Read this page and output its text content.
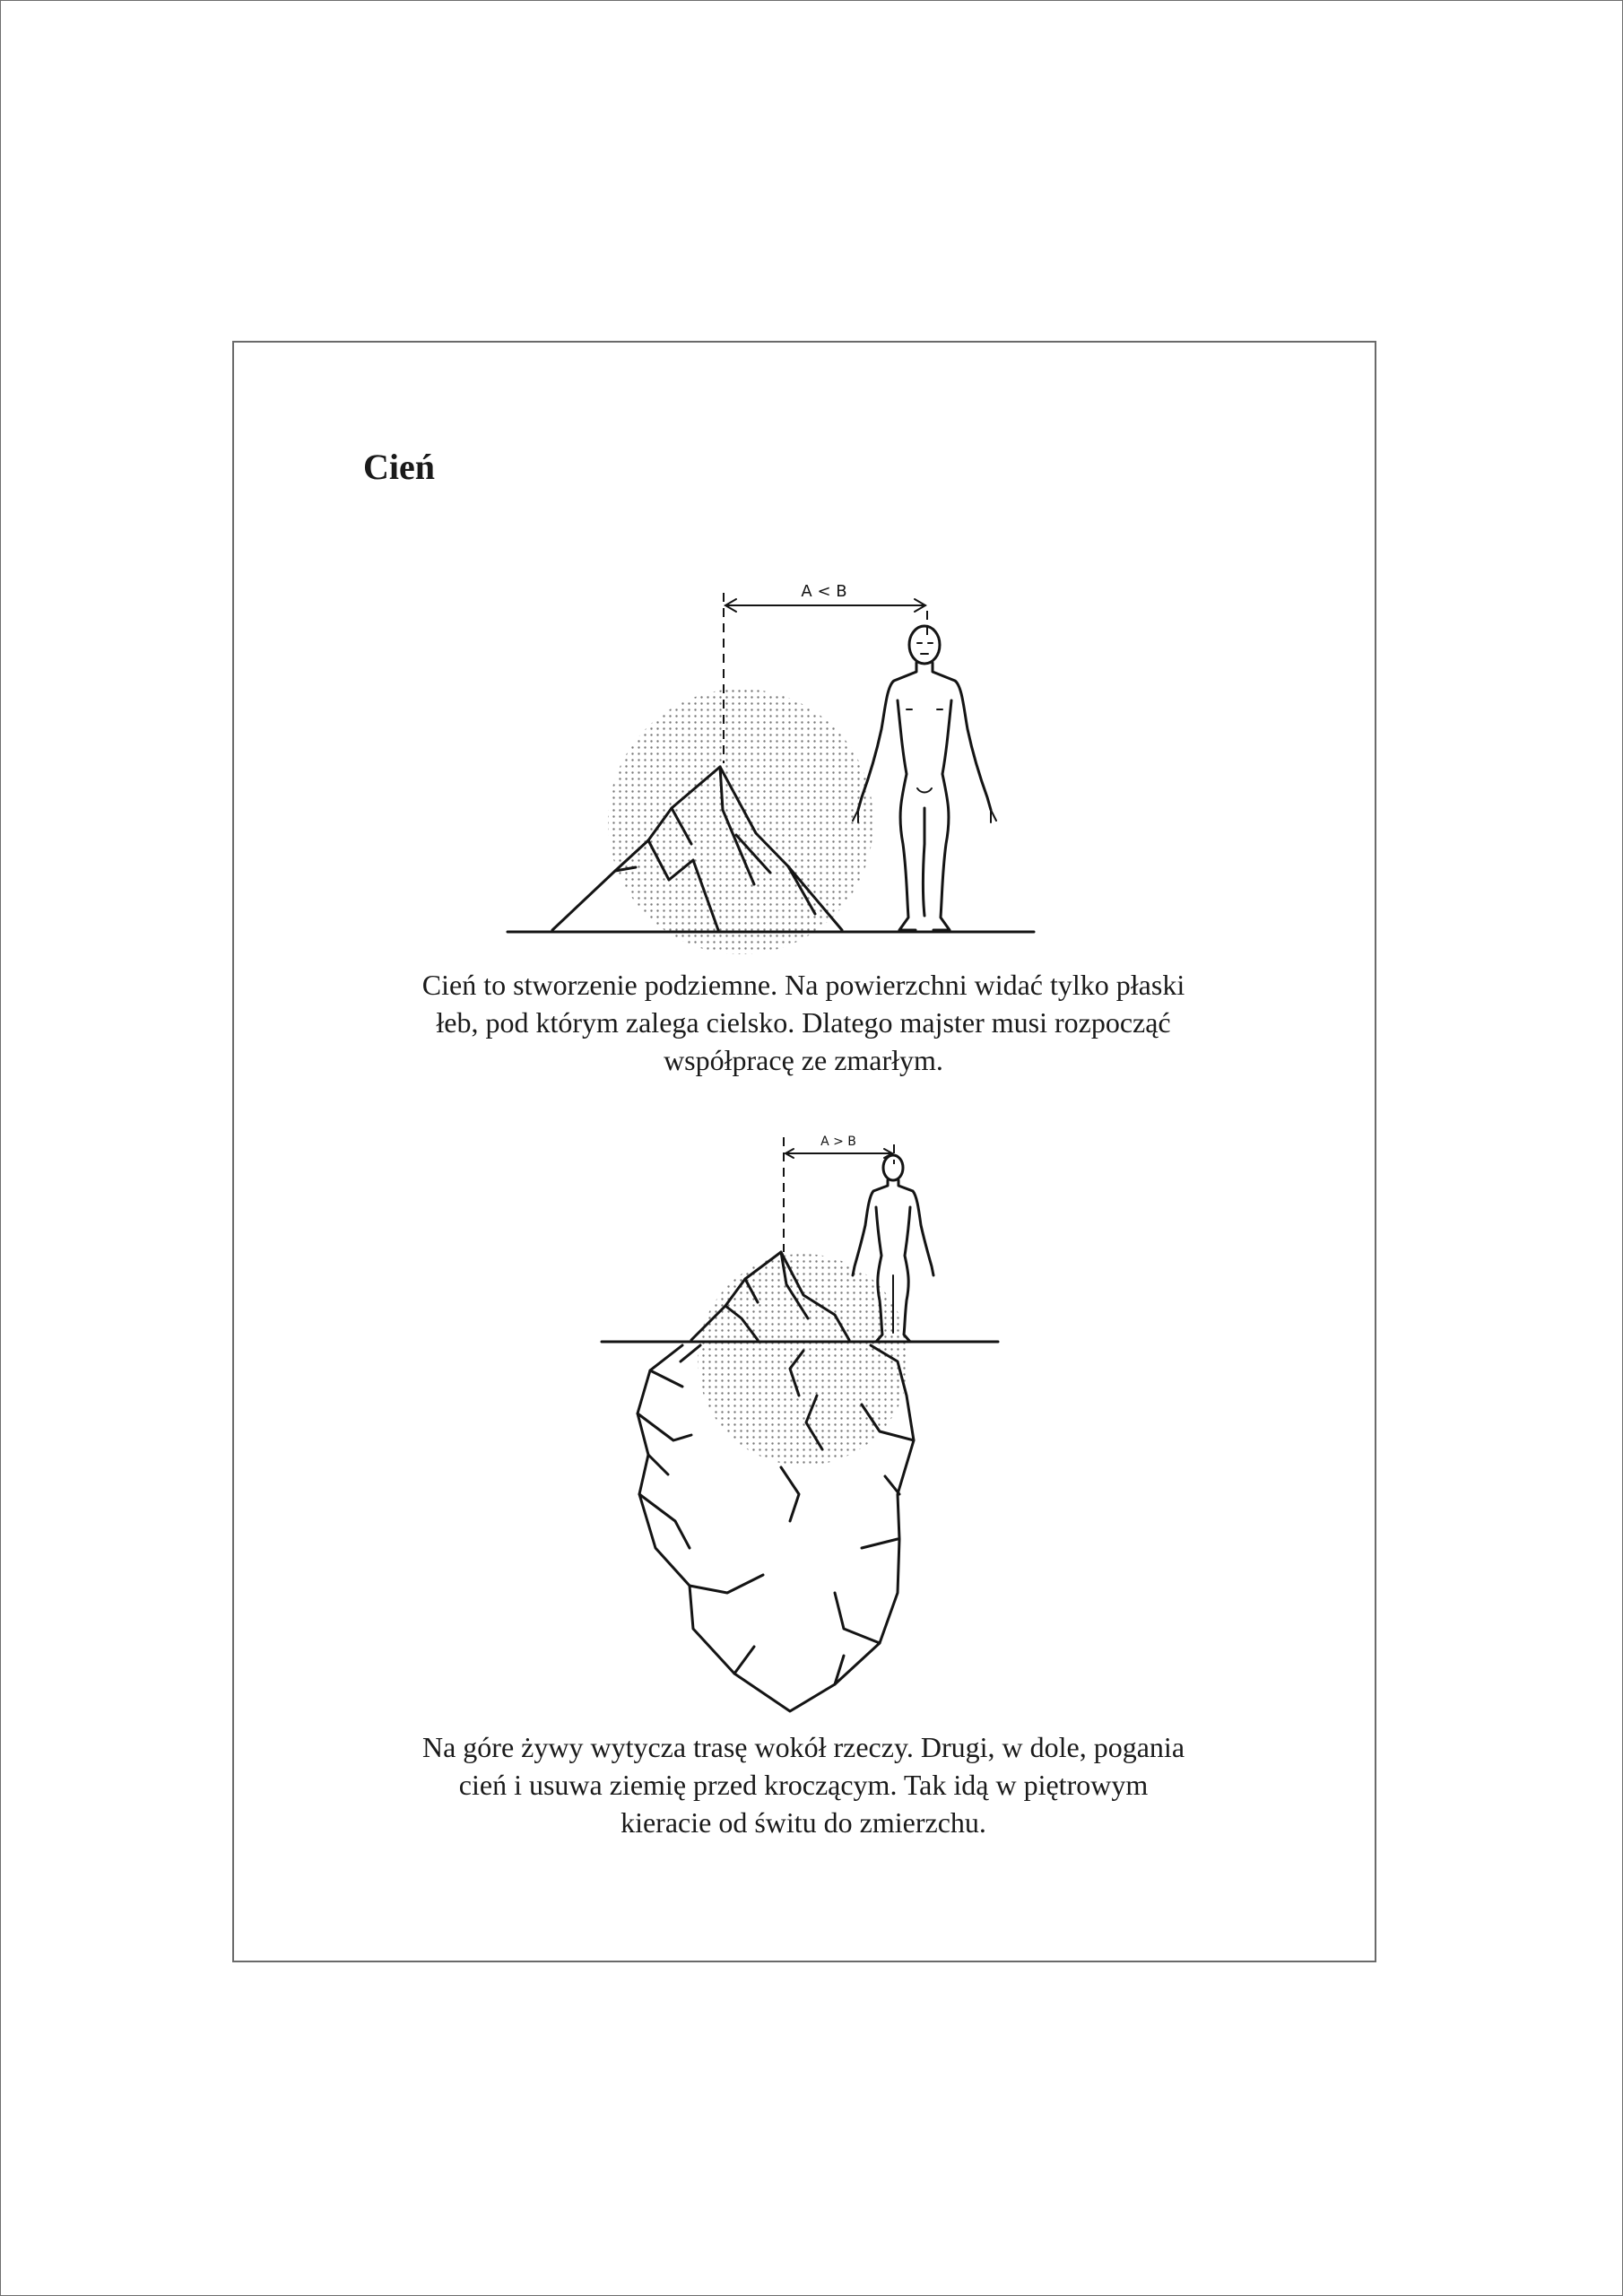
Cień
A < B

Cień to stworzenie podziemne. Na powierzchni widać tylko płaski
łeb, pod którym zalega cielsko. Dlatego majster musi rozpocząć
współpracę ze zmarłym.

A > B

Na góre żywy wytycza trasę wokół rzeczy. Drugi, w dole, pogania
cień i usuwa ziemię przed kroczącym. Tak idą w piętrowym
kieracie od świtu do zmierzchu.
